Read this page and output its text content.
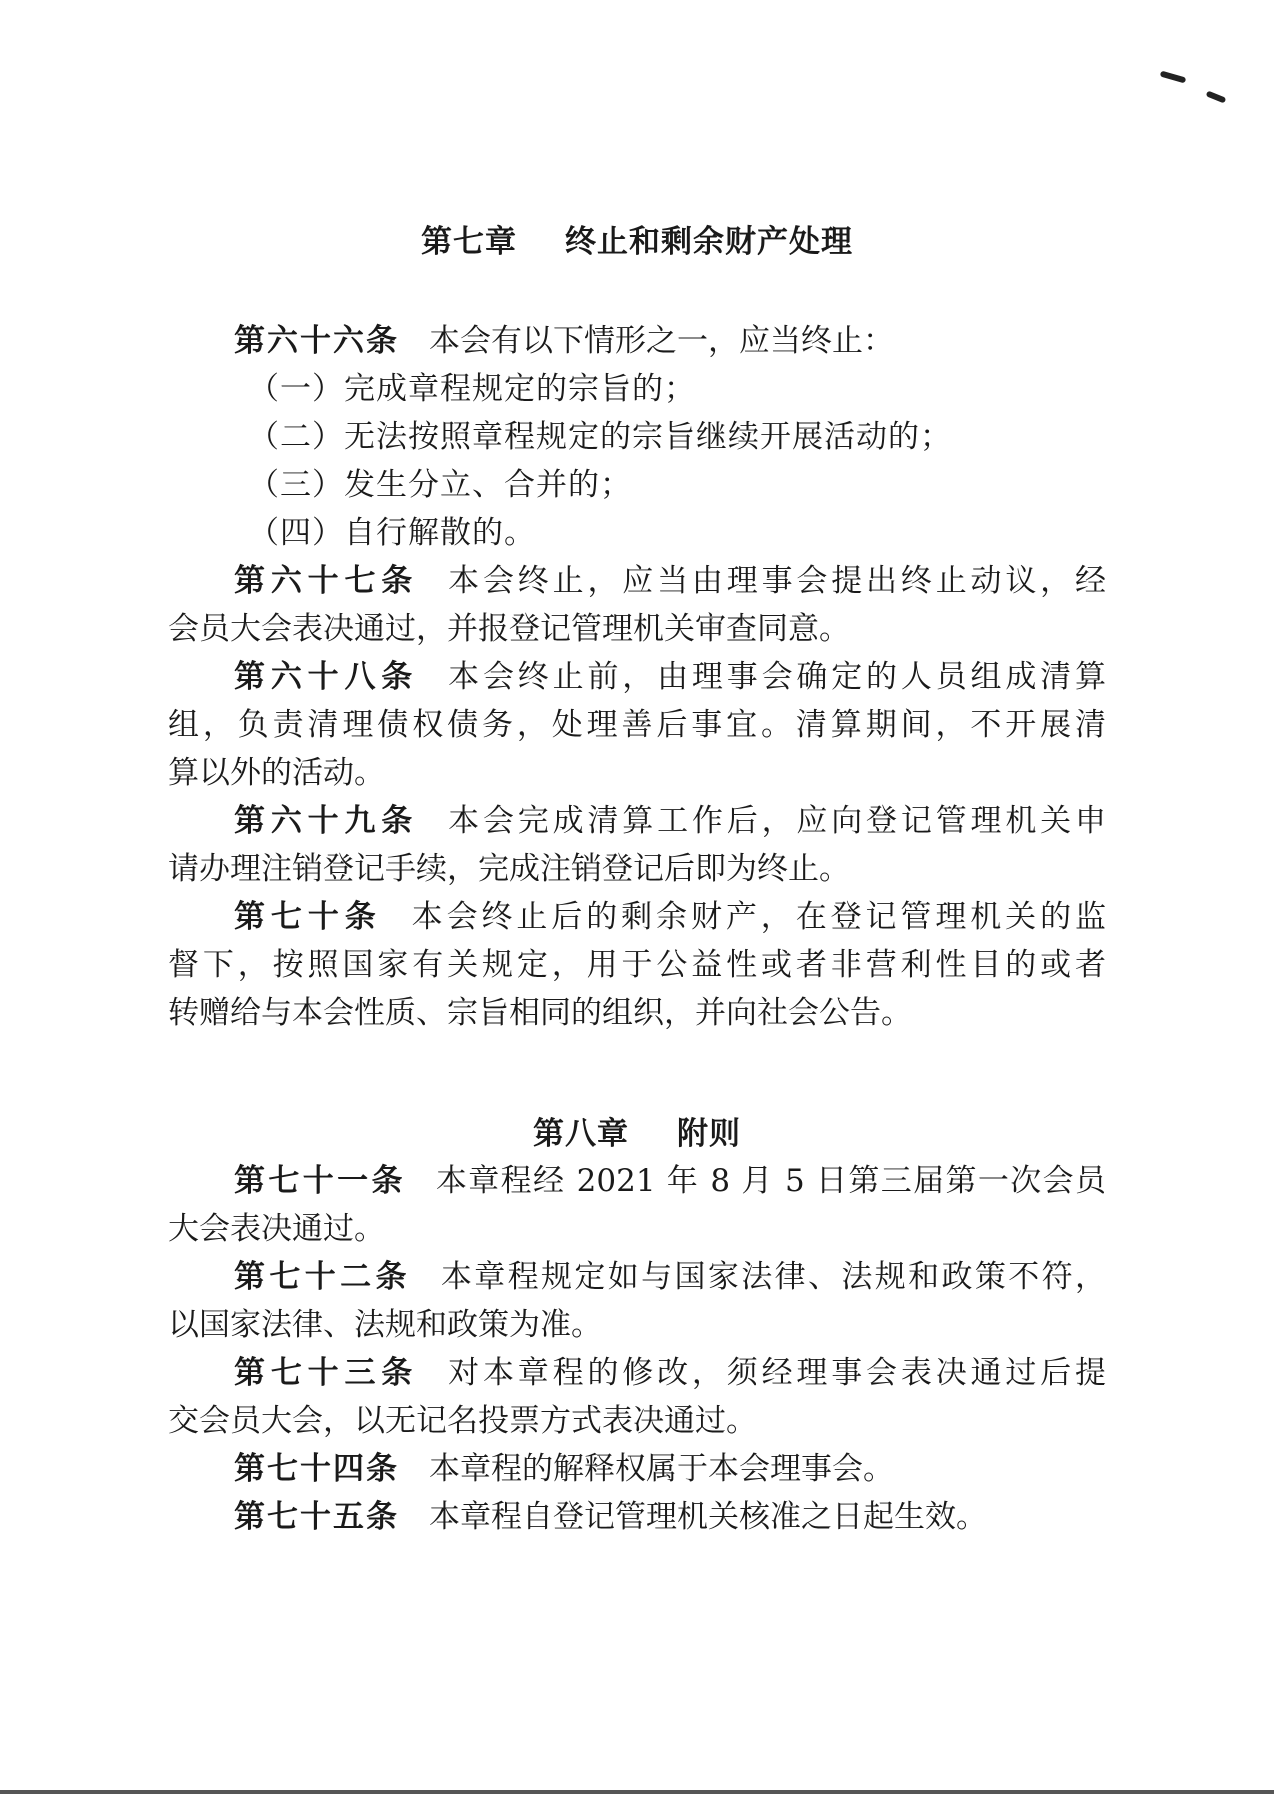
第七章 终止和剩余财产处理
第六十六条 本会有以下情形之一，应当终止：
（一）完成章程规定的宗旨的；
（二）无法按照章程规定的宗旨继续开展活动的；
（三）发生分立、合并的；
（四）自行解散的。
第六十七条 本会终止，应当由理事会提出终止动议，经
会员大会表决通过，并报登记管理机关审查同意。
第六十八条 本会终止前，由理事会确定的人员组成清算
组，负责清理债权债务，处理善后事宜。清算期间，不开展清
算以外的活动。
第六十九条 本会完成清算工作后，应向登记管理机关申
请办理注销登记手续，完成注销登记后即为终止。
第七十条 本会终止后的剩余财产，在登记管理机关的监
督下，按照国家有关规定，用于公益性或者非营利性目的或者
转赠给与本会性质、宗旨相同的组织，并向社会公告。
第八章 附则
第七十一条 本章程经 2021 年 8 月 5 日第三届第一次会员
大会表决通过。
第七十二条 本章程规定如与国家法律、法规和政策不符，
以国家法律、法规和政策为准。
第七十三条 对本章程的修改，须经理事会表决通过后提
交会员大会，以无记名投票方式表决通过。
第七十四条 本章程的解释权属于本会理事会。
第七十五条 本章程自登记管理机关核准之日起生效。
